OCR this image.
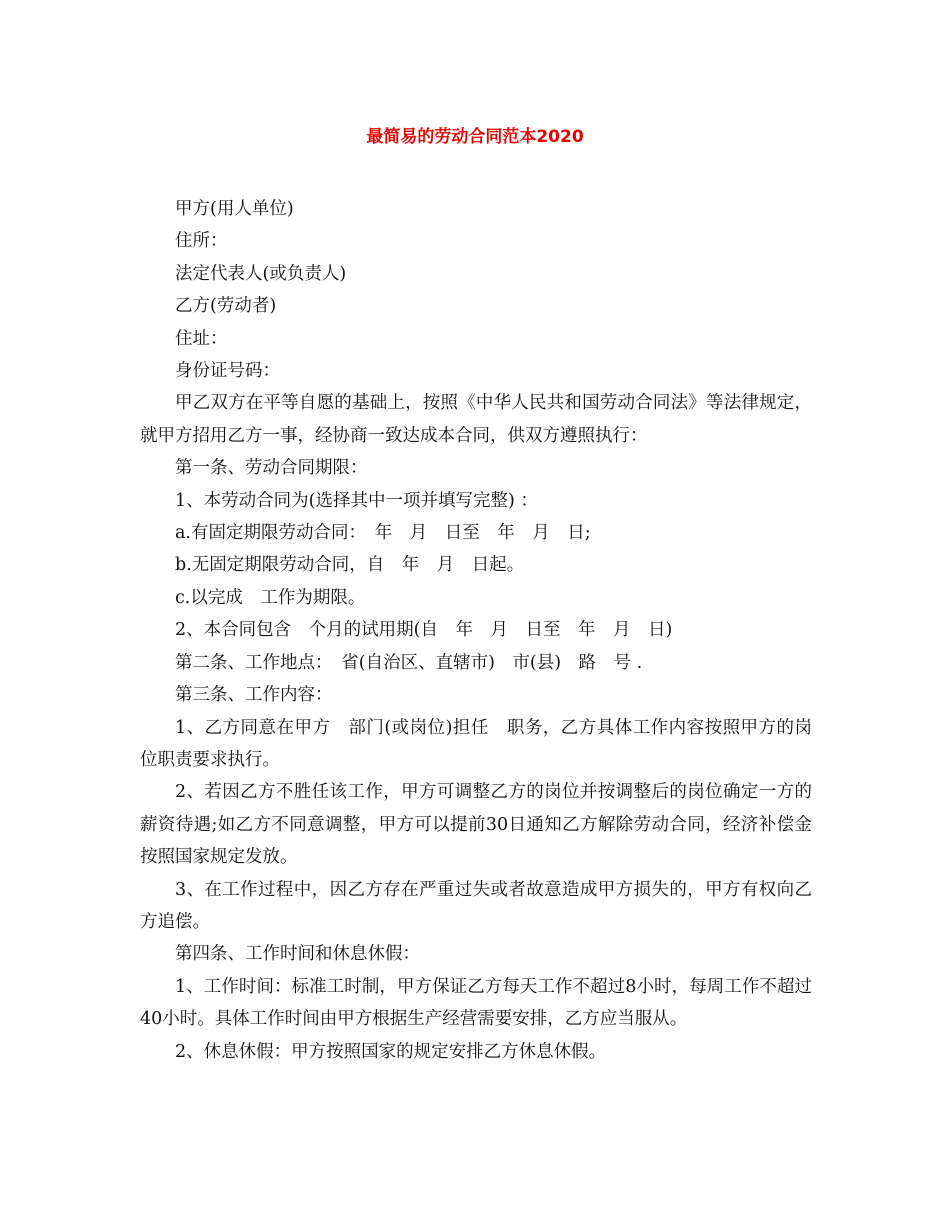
最简易的劳动合同范本2020

甲方(用人单位)

住所：

法定代表人(或负责人)

乙方(劳动者)

住址：

身份证号码：

甲乙双方在平等自愿的基础上，按照《中华人民共和国劳动合同法》等法律规定，就甲方招用乙方一事，经协商一致达成本合同，供双方遵照执行：

第一条、劳动合同期限：

1、本劳动合同为(选择其中一项并填写完整) ：

a.有固定期限劳动合同：　年　月　日至　年　月　日;

b.无固定期限劳动合同，自　年　月　日起。

c.以完成　工作为期限。

2、本合同包含　个月的试用期(自　年　月　日至　年　月　日)

第二条、工作地点：　省(自治区、直辖市)　市(县)　路　号 .

第三条、工作内容：

1、乙方同意在甲方　部门(或岗位)担任　职务，乙方具体工作内容按照甲方的岗位职责要求执行。

2、若因乙方不胜任该工作，甲方可调整乙方的岗位并按调整后的岗位确定一方的薪资待遇;如乙方不同意调整，甲方可以提前30日通知乙方解除劳动合同，经济补偿金按照国家规定发放。

3、在工作过程中，因乙方存在严重过失或者故意造成甲方损失的，甲方有权向乙方追偿。

第四条、工作时间和休息休假：

1、工作时间：标准工时制，甲方保证乙方每天工作不超过8小时，每周工作不超过40小时。具体工作时间由甲方根据生产经营需要安排，乙方应当服从。

2、休息休假：甲方按照国家的规定安排乙方休息休假。
